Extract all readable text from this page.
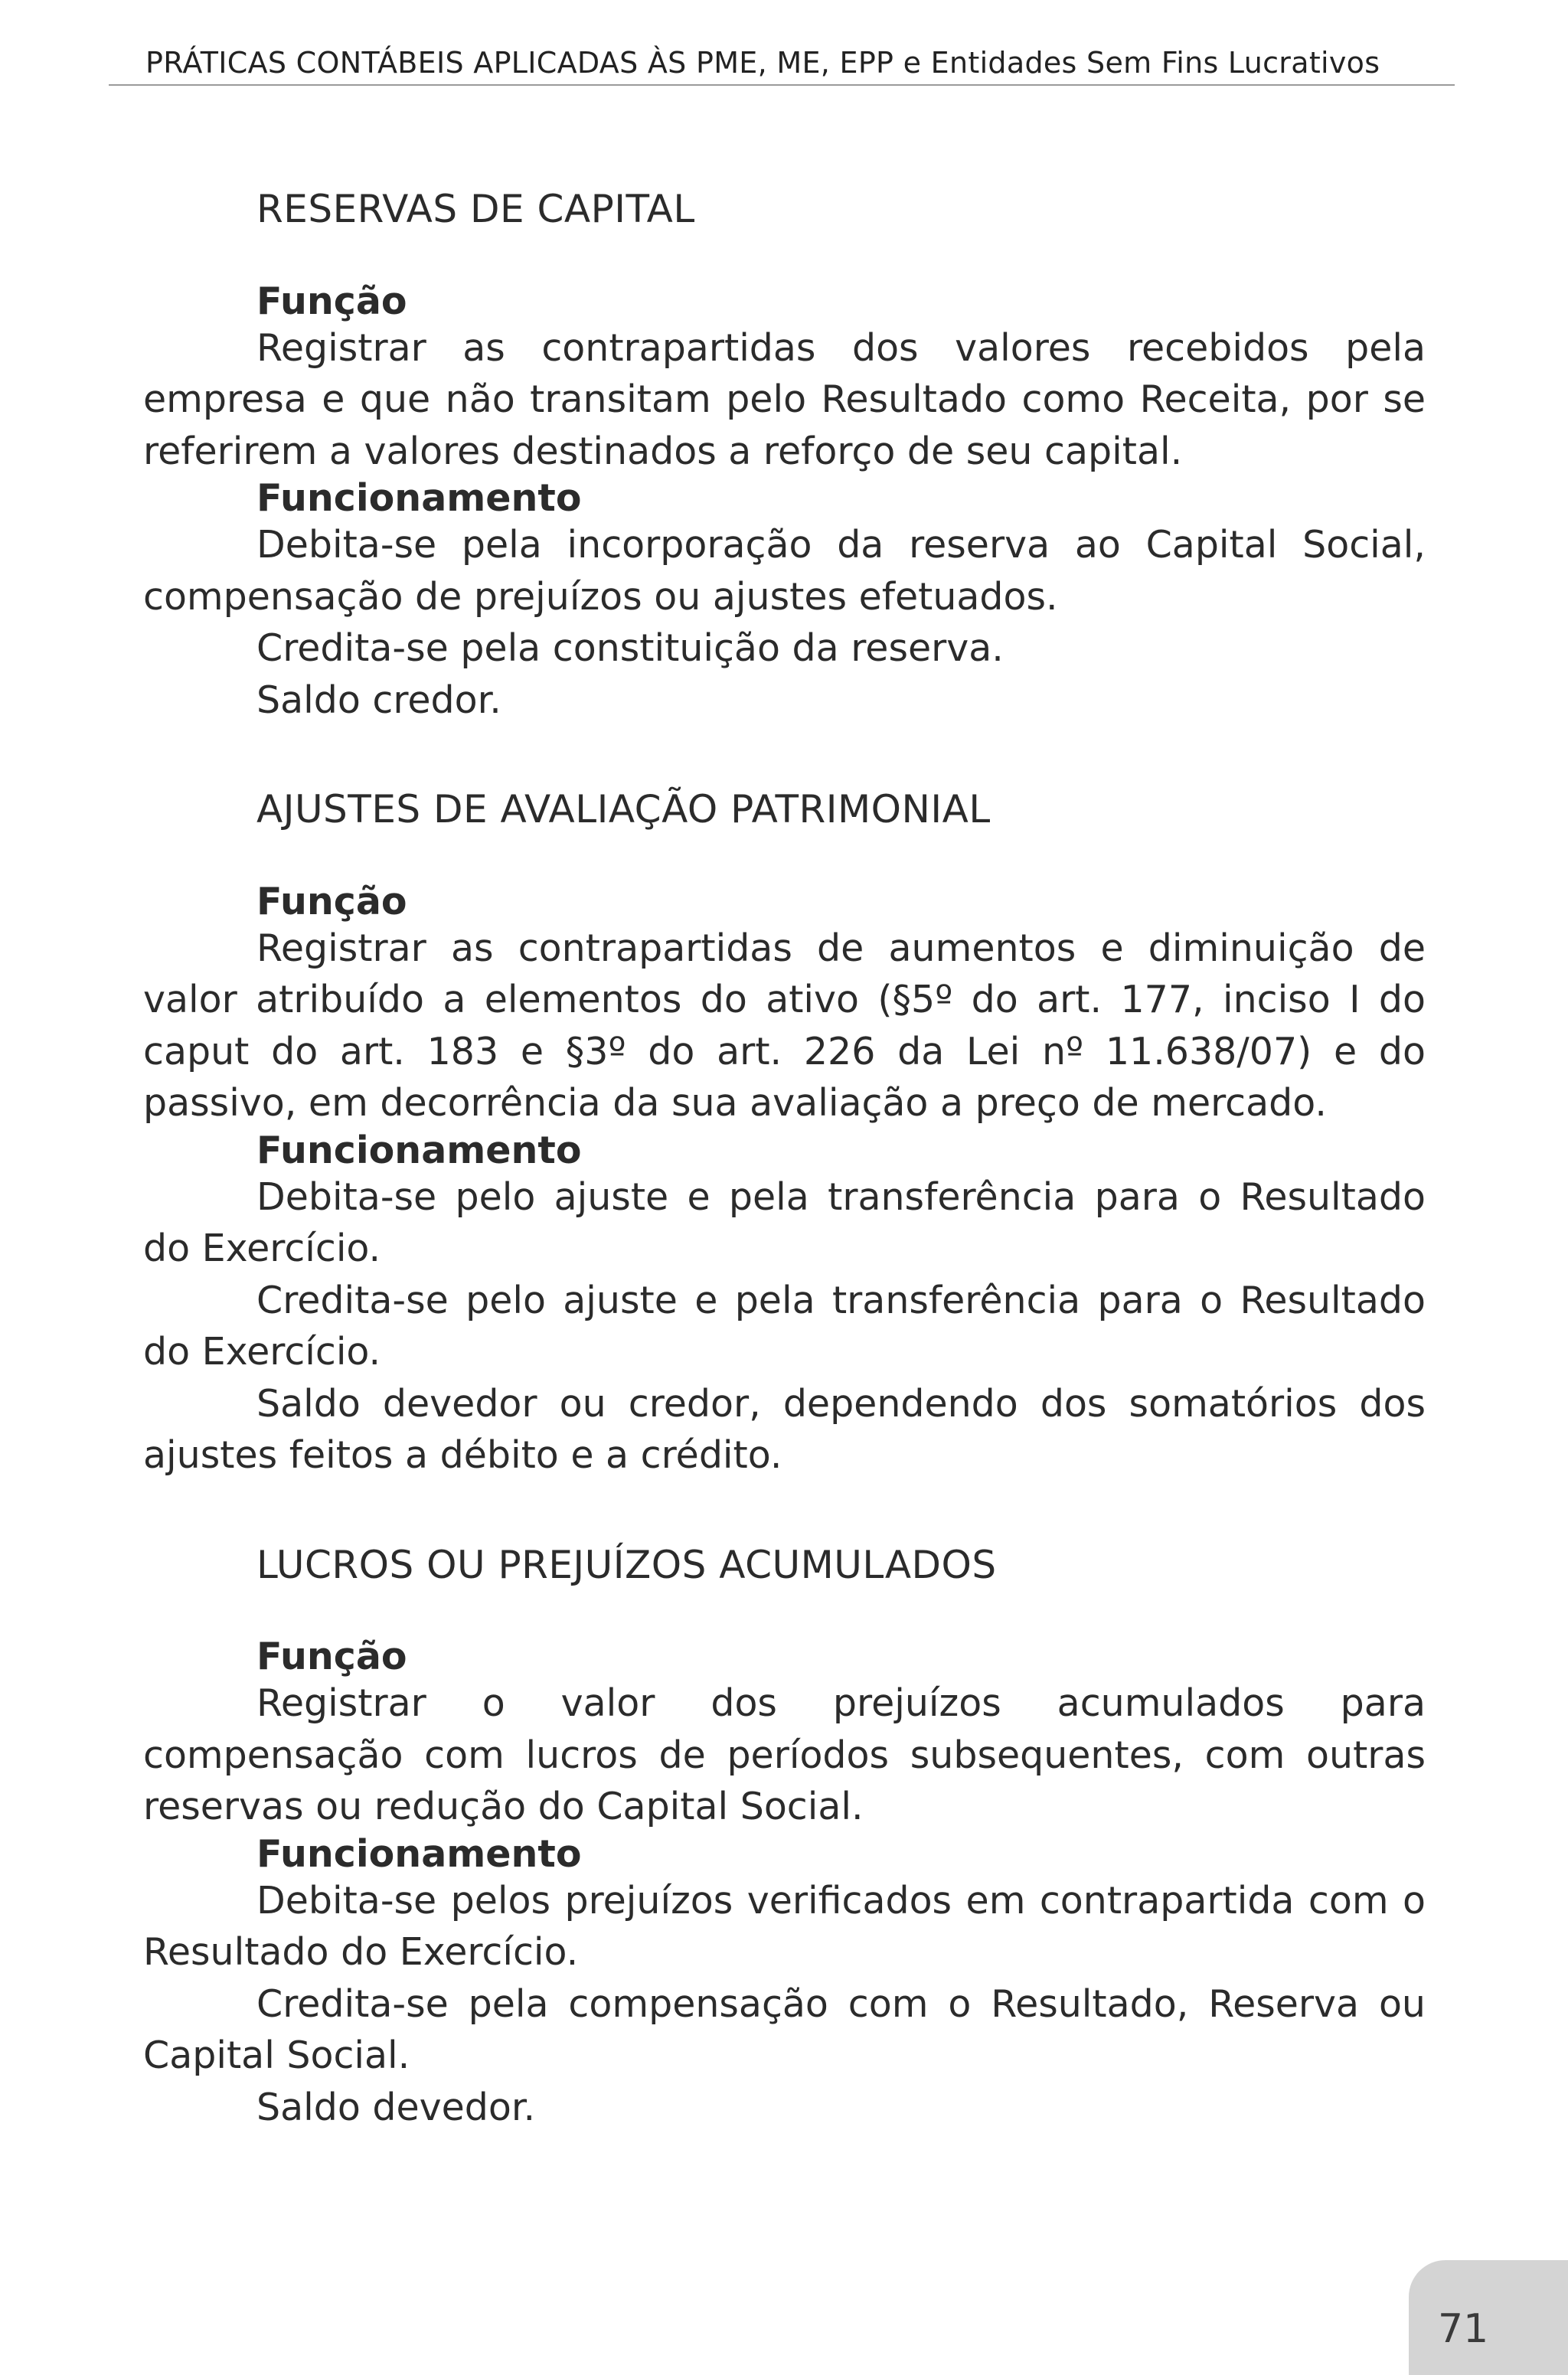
PRÁTICAS CONTÁBEIS APLICADAS ÀS PME, ME, EPP e Entidades Sem Fins Lucrativos

RESERVAS DE CAPITAL

Função

Registrar as contrapartidas dos valores recebidos pela empresa e que não transitam pelo Resultado como Receita, por se referirem a valores destinados a reforço de seu capital.

Funcionamento

Debita-se pela incorporação da reserva ao Capital Social, compensação de prejuízos ou ajustes efetuados.

Credita-se pela constituição da reserva.

Saldo credor.

AJUSTES DE AVALIAÇÃO PATRIMONIAL

Função

Registrar as contrapartidas de aumentos e diminuição de valor atribuído a elementos do ativo (§5º do art. 177, inciso I do caput do art. 183 e §3º do art. 226 da Lei nº 11.638/07) e do passivo, em decorrência da sua avaliação a preço de mercado.

Funcionamento

Debita-se pelo ajuste e pela transferência para o Resultado do Exercício.

Credita-se pelo ajuste e pela transferência para o Resultado do Exercício.

Saldo devedor ou credor, dependendo dos somatórios dos ajustes feitos a débito e a crédito.

LUCROS OU PREJUÍZOS ACUMULADOS

Função

Registrar o valor dos prejuízos acumulados para compensação com lucros de períodos subsequentes, com outras reservas ou redução do Capital Social.

Funcionamento

Debita-se pelos prejuízos verificados em contrapartida com o Resultado do Exercício.

Credita-se pela compensação com o Resultado, Reserva ou Capital Social.

Saldo devedor.

71
